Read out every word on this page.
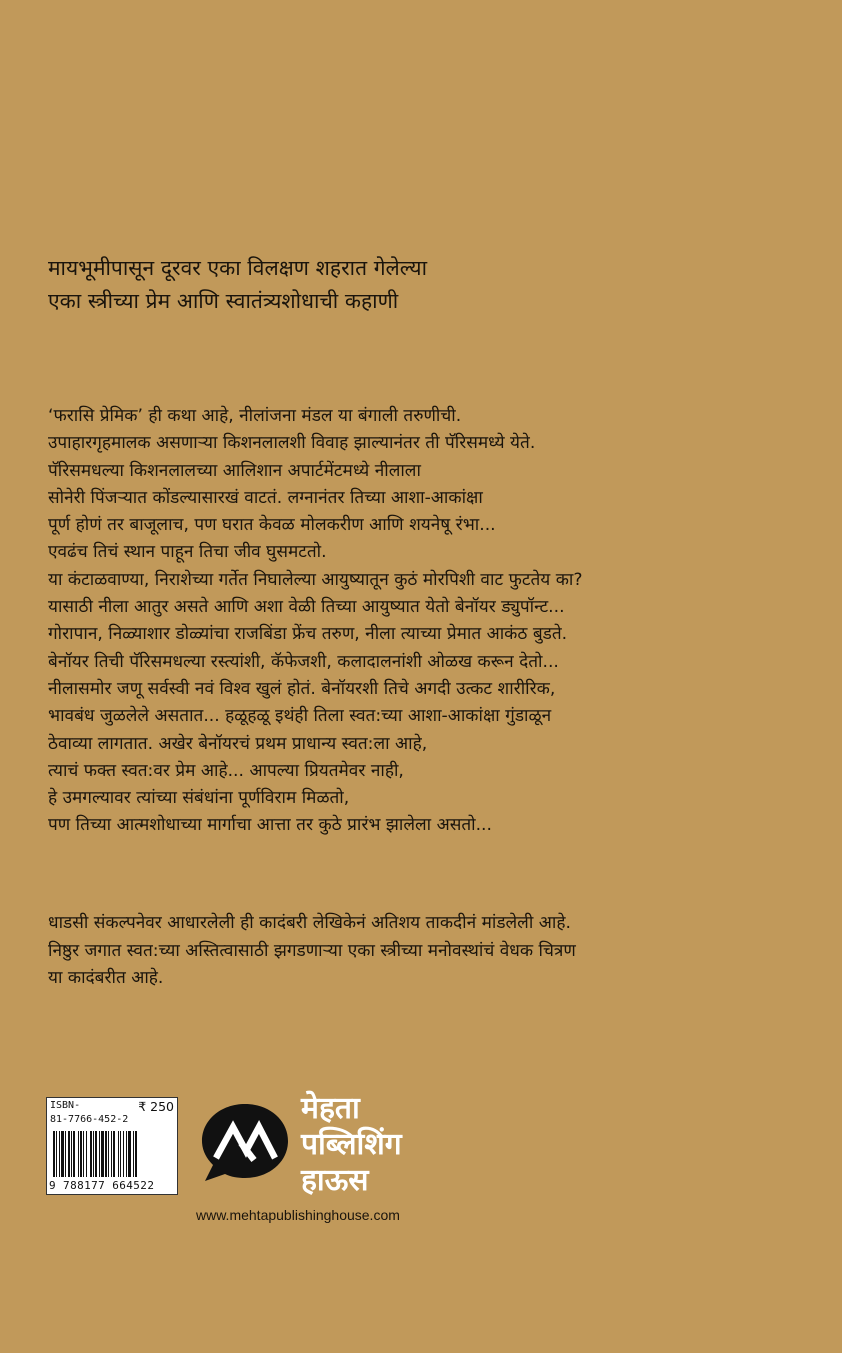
मायभूमीपासून दूरवर एका विलक्षण शहरात गेलेल्या
एका स्त्रीच्या प्रेम आणि स्वातंत्र्यशोधाची कहाणी
‘फरासि प्रेमिक’ ही कथा आहे, नीलांजना मंडल या बंगाली तरुणीची.
उपाहारगृहमालक असणाऱ्या किशनलालशी विवाह झाल्यानंतर ती पॅरिसमध्ये येते.
पॅरिसमधल्या किशनलालच्या आलिशान अपार्टमेंटमध्ये नीलाला
सोनेरी पिंजऱ्यात कोंडल्यासारखं वाटतं. लग्नानंतर तिच्या आशा-आकांक्षा
पूर्ण होणं तर बाजूलाच, पण घरात केवळ मोलकरीण आणि शयनेषू रंभा...
एवढंच तिचं स्थान पाहून तिचा जीव घुसमटतो.
या कंटाळवाण्या, निराशेच्या गर्तेत निघालेल्या आयुष्यातून कुठं मोरपिशी वाट फुटतेय का?
यासाठी नीला आतुर असते आणि अशा वेळी तिच्या आयुष्यात येतो बेनॉयर ड्युपॉन्ट...
गोरापान, निळ्याशार डोळ्यांचा राजबिंडा फ्रेंच तरुण, नीला त्याच्या प्रेमात आकंठ बुडते.
बेनॉयर तिची पॅरिसमधल्या रस्त्यांशी, कॅफेजशी, कलादालनांशी ओळख करून देतो...
नीलासमोर जणू सर्वस्वी नवं विश्व खुलं होतं. बेनॉयरशी तिचे अगदी उत्कट शारीरिक,
भावबंध जुळलेले असतात... हळूहळू इथंही तिला स्वत:च्या आशा-आकांक्षा गुंडाळून
ठेवाव्या लागतात. अखेर बेनॉयरचं प्रथम प्राधान्य स्वत:ला आहे,
त्याचं फक्त स्वत:वर प्रेम आहे... आपल्या प्रियतमेवर नाही,
हे उमगल्यावर त्यांच्या संबंधांना पूर्णविराम मिळतो,
पण तिच्या आत्मशोधाच्या मार्गाचा आत्ता तर कुठे प्रारंभ झालेला असतो...
धाडसी संकल्पनेवर आधारलेली ही कादंबरी लेखिकेनं अतिशय ताकदीनं मांडलेली आहे.
निष्ठुर जगात स्वत:च्या अस्तित्वासाठी झगडणाऱ्या एका स्त्रीच्या मनोवस्थांचं वेधक चित्रण
या कादंबरीत आहे.
ISBN-	₹ 250
81-7766-452-2
9 788177 664522
मेहता
पब्लिशिंग
हाऊस
www.mehtapublishinghouse.com
